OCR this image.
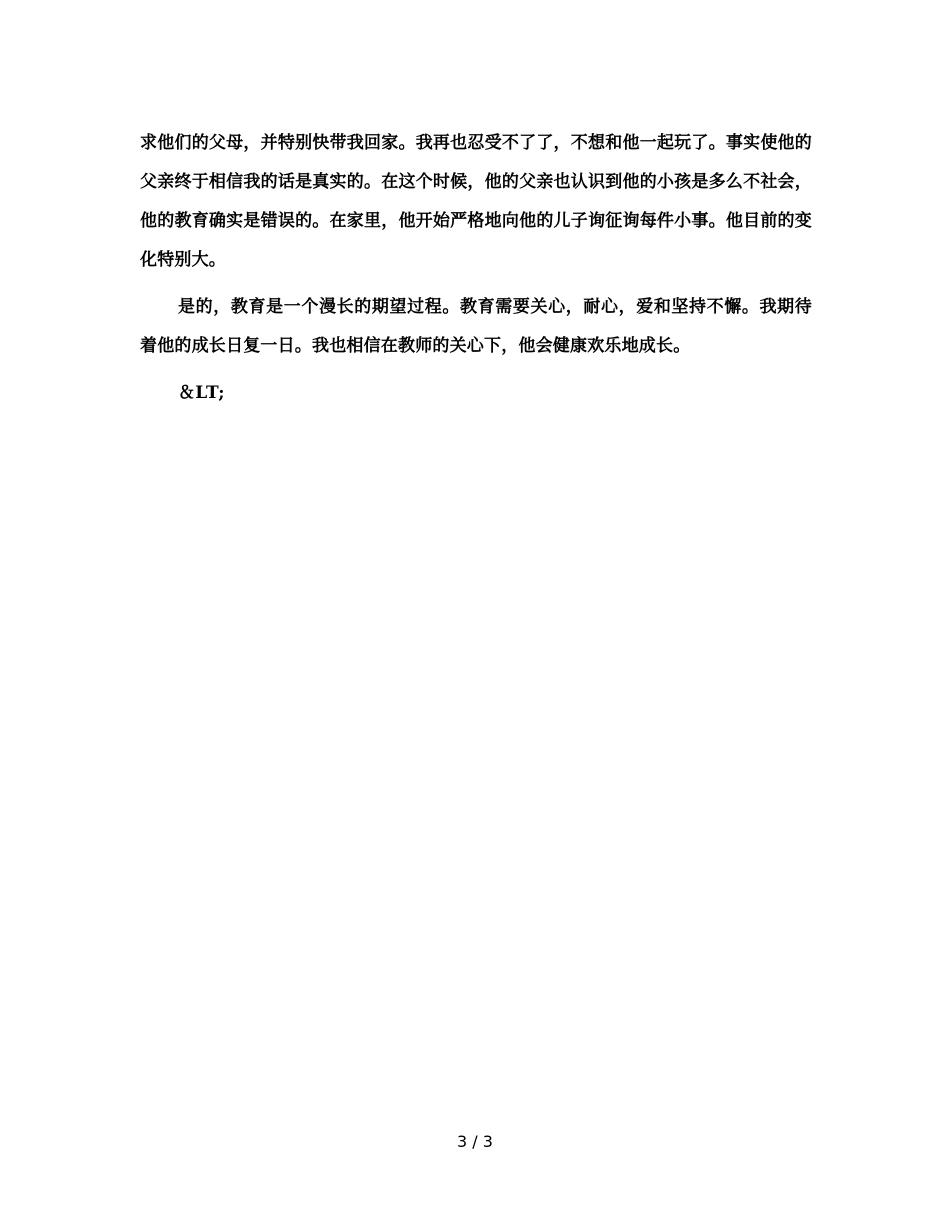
求他们的父母，并特别快带我回家。我再也忍受不了了，不想和他一起玩了。事实使他的父亲终于相信我的话是真实的。在这个时候，他的父亲也认识到他的小孩是多么不社会，他的教育确实是错误的。在家里，他开始严格地向他的儿子询征询每件小事。他目前的变化特别大。

是的，教育是一个漫长的期望过程。教育需要关心，耐心，爱和坚持不懈。我期待着他的成长日复一日。我也相信在教师的关心下，他会健康欢乐地成长。

＆LT;

3 / 3
